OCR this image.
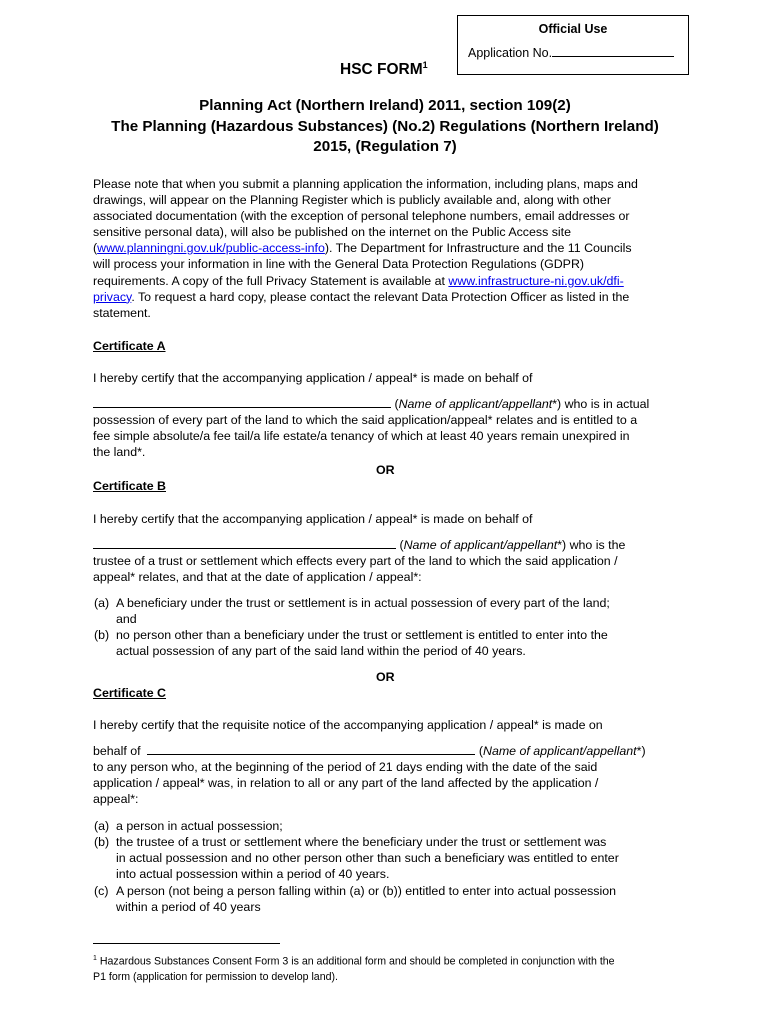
Official Use
Application No.
HSC FORM$^1$
Planning Act (Northern Ireland) 2011, section 109(2)
The Planning (Hazardous Substances) (No.2) Regulations (Northern Ireland)
2015, (Regulation 7)
Please note that when you submit a planning application the information, including plans, maps and
drawings, will appear on the Planning Register which is publicly available and, along with other
associated documentation (with the exception of personal telephone numbers, email addresses or
sensitive personal data), will also be published on the internet on the Public Access site
(www.planningni.gov.uk/public-access-info). The Department for Infrastructure and the 11 Councils
will process your information in line with the General Data Protection Regulations (GDPR)
requirements. A copy of the full Privacy Statement is available at www.infrastructure-ni.gov.uk/dfi-
privacy. To request a hard copy, please contact the relevant Data Protection Officer as listed in the
statement.
Certificate A
I hereby certify that the accompanying application / appeal* is made on behalf of
(Name of applicant/appellant*) who is in actual
possession of every part of the land to which the said application/appeal* relates and is entitled to a
fee simple absolute/a fee tail/a life estate/a tenancy of which at least 40 years remain unexpired in
the land*.
OR
Certificate B
I hereby certify that the accompanying application / appeal* is made on behalf of
(Name of applicant/appellant*) who is the
trustee of a trust or settlement which effects every part of the land to which the said application /
appeal* relates, and that at the date of application / appeal*:
(a) A beneficiary under the trust or settlement is in actual possession of every part of the land;
and
(b) no person other than a beneficiary under the trust or settlement is entitled to enter into the
actual possession of any part of the said land within the period of 40 years.
OR
Certificate C
I hereby certify that the requisite notice of the accompanying application / appeal* is made on
behalf of	(Name of applicant/appellant*)
to any person who, at the beginning of the period of 21 days ending with the date of the said
application / appeal* was, in relation to all or any part of the land affected by the application /
appeal*:
(a) a person in actual possession;
(b) the trustee of a trust or settlement where the beneficiary under the trust or settlement was
in actual possession and no other person other than such a beneficiary was entitled to enter
into actual possession within a period of 40 years.
(c) A person (not being a person falling within (a) or (b)) entitled to enter into actual possession
within a period of 40 years
$^1$ Hazardous Substances Consent Form 3 is an additional form and should be completed in conjunction with the
P1 form (application for permission to develop land).
